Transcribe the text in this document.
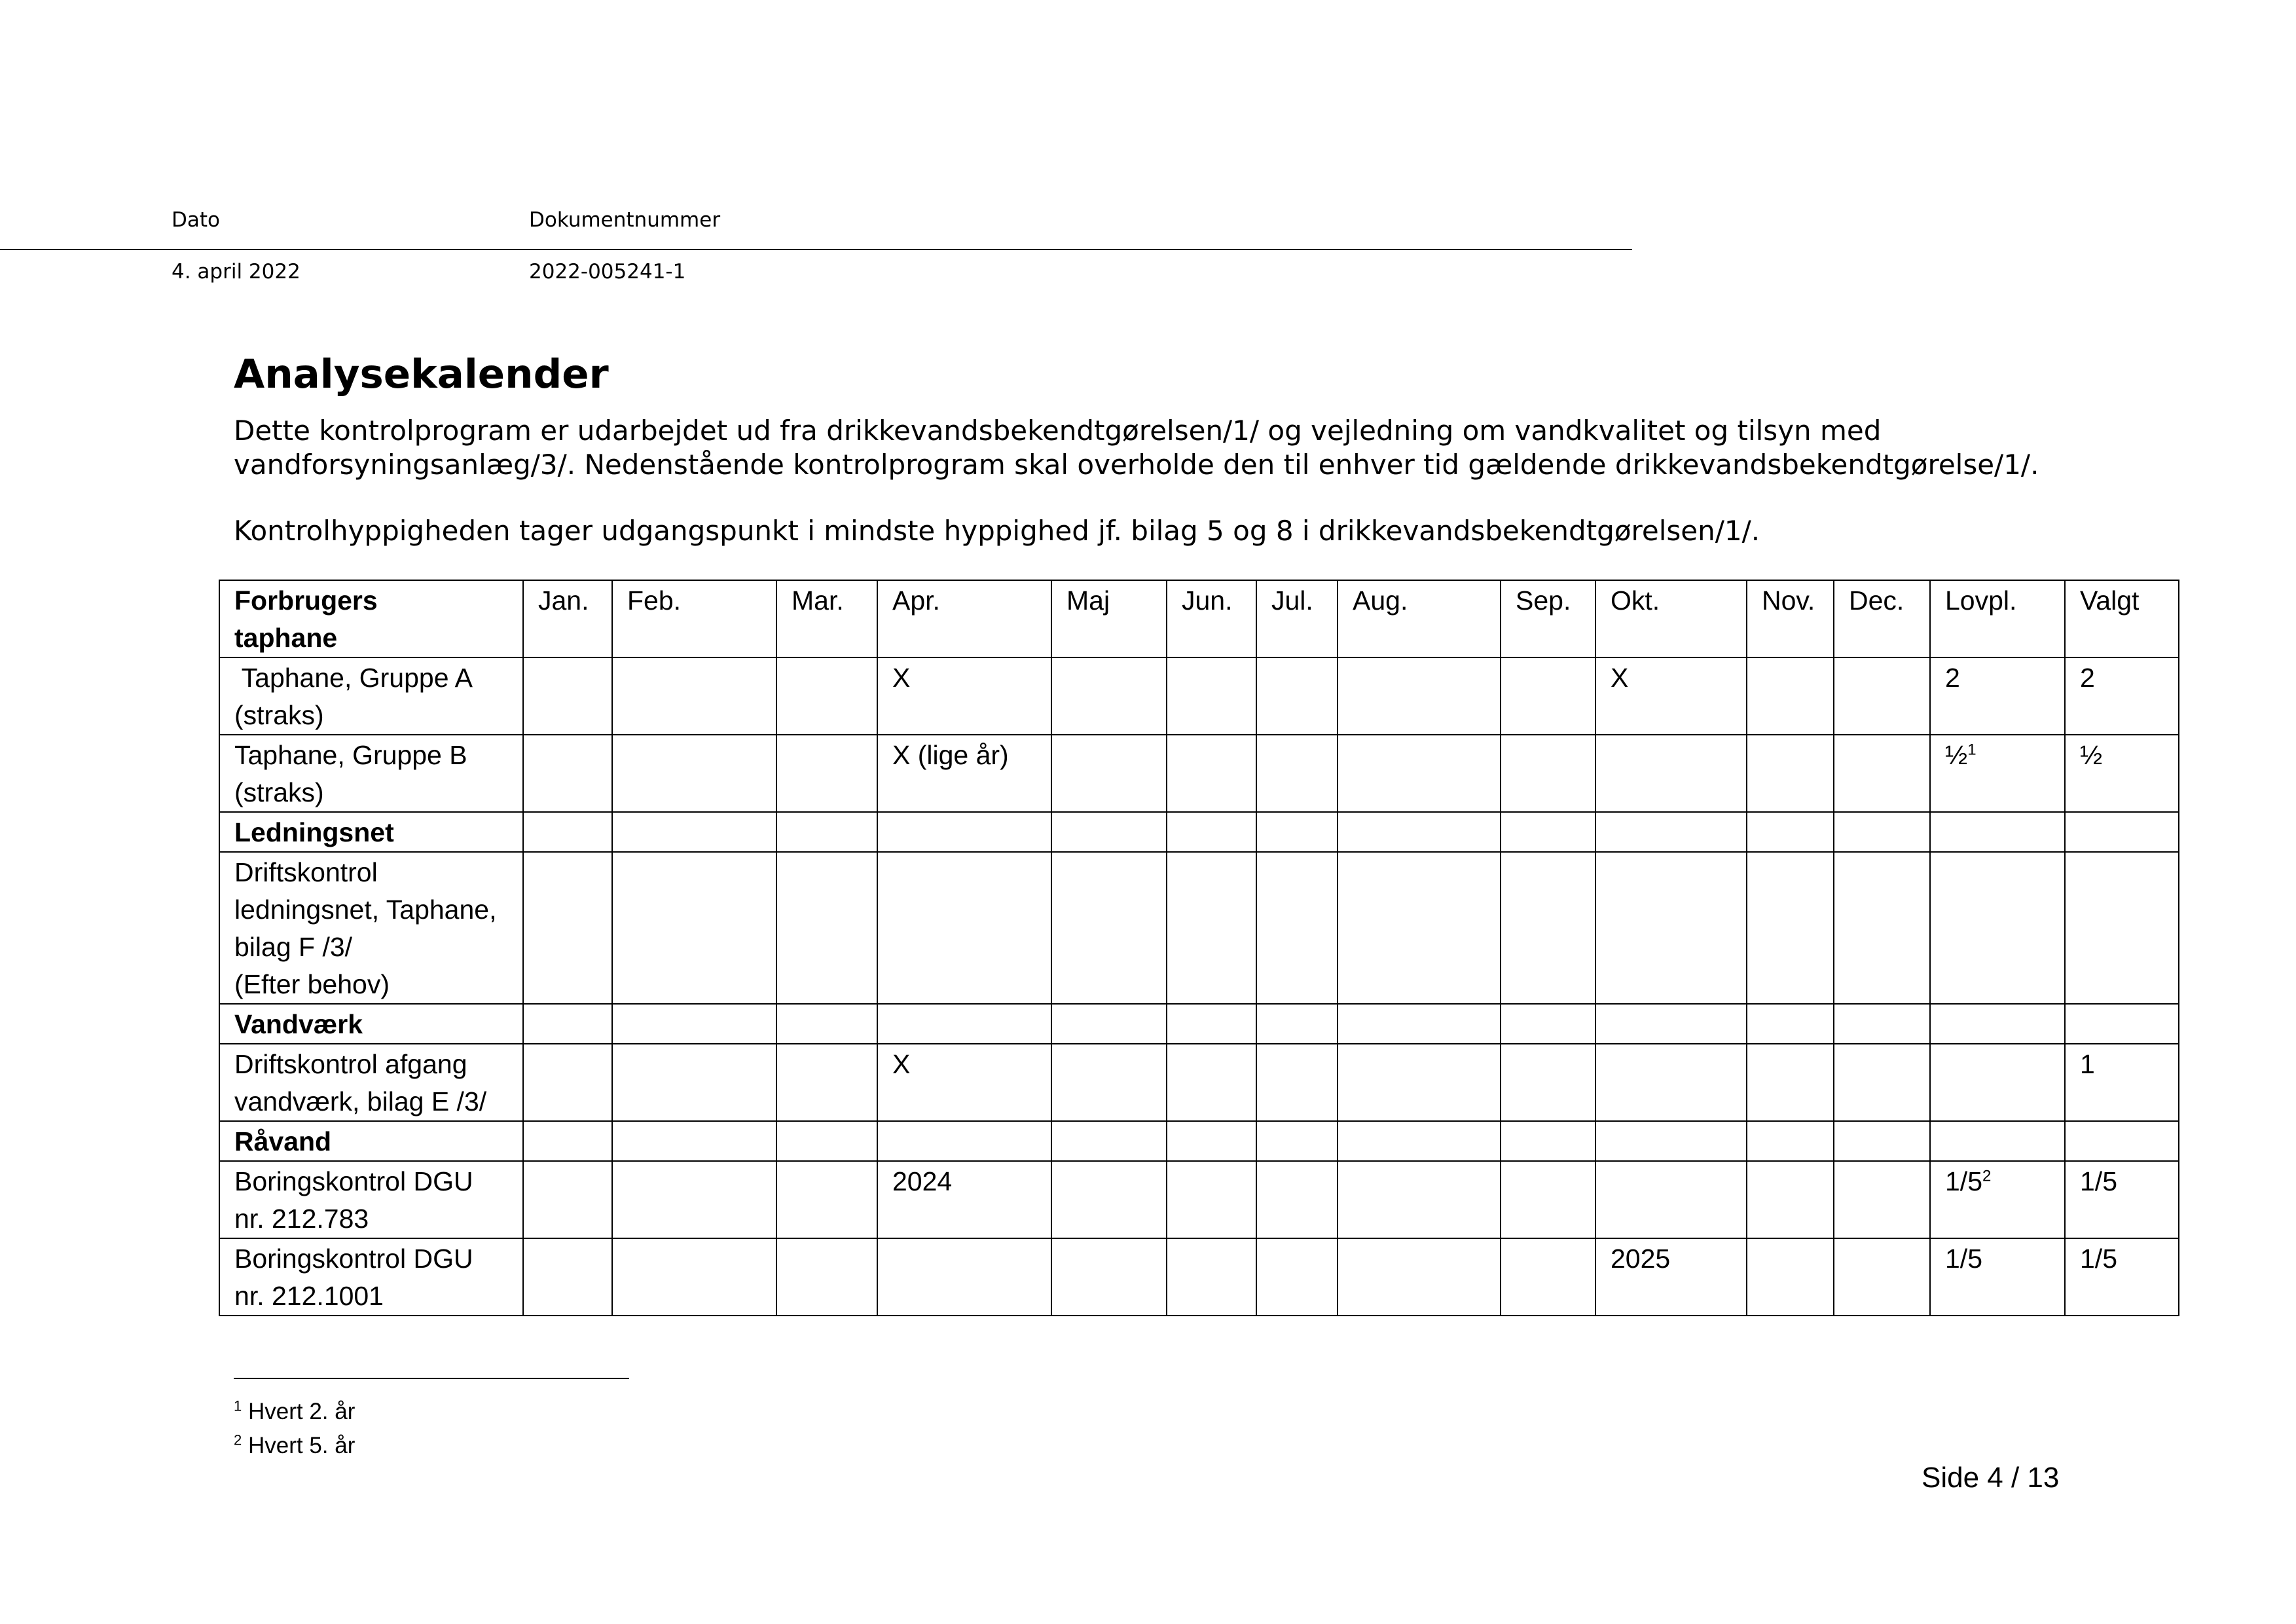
Dato	Dokumentnummer
4. april 2022	2022-005241-1
Analysekalender

Dette kontrolprogram er udarbejdet ud fra drikkevandsbekendtgørelsen/1/ og vejledning om vandkvalitet og tilsyn med

vandforsyningsanlæg/3/. Nedenstående kontrolprogram skal overholde den til enhver tid gældende drikkevandsbekendtgørelse/1/.

Kontrolhyppigheden tager udgangspunkt i mindste hyppighed jf. bilag 5 og 8 i drikkevandsbekendtgørelsen/1/.

Forbrugers
taphane	Jan.	Feb.	Mar.	Apr.	Maj	Jun.	Jul.	Aug.	Sep.	Okt.	Nov.	Dec.	Lovpl.	Valgt
Taphane, Gruppe A
(straks)				X						X			2	2
Taphane, Gruppe B
(straks)				X (lige år)									½$^1$	½
Ledningsnet														
Driftskontrol
ledningsnet, Taphane,
bilag F /3/
(Efter behov)														
Vandværk														
Driftskontrol afgang
vandværk, bilag E /3/				X										1
Råvand														
Boringskontrol DGU
nr. 212.783				2024									$1/5^2$	1/5
Boringskontrol DGU
nr. 212.1001										2025			1/5	1/5
$^1$ Hvert 2. år
$^2$ Hvert 5. år
Side 4 / 13
